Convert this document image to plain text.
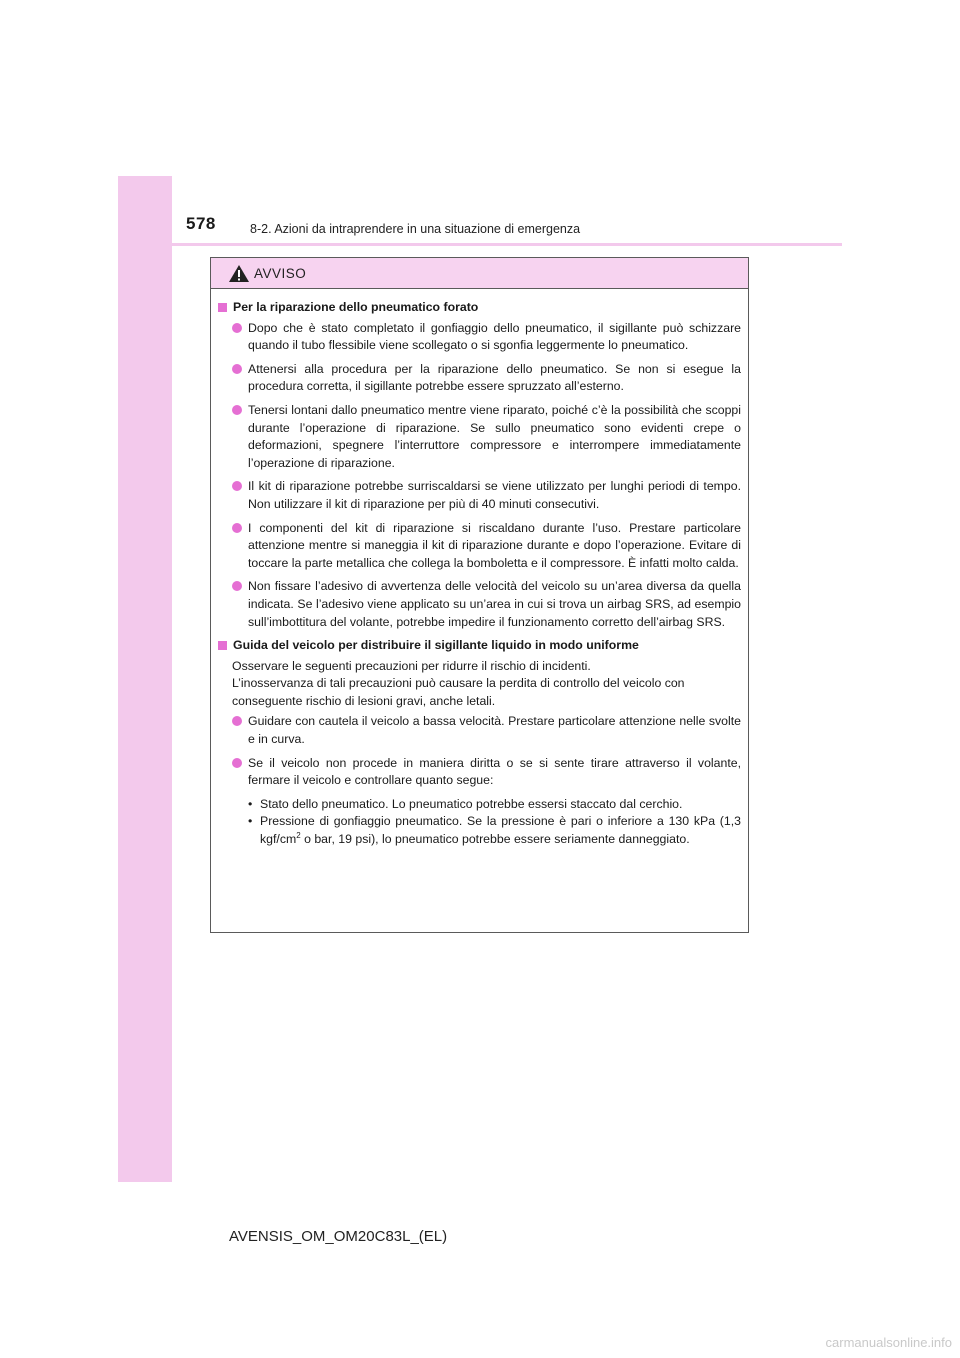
578	8-2. Azioni da intraprendere in una situazione di emergenza
AVVISO
Per la riparazione dello pneumatico forato
Dopo che è stato completato il gonfiaggio dello pneumatico, il sigillante può schizzare quando il tubo flessibile viene scollegato o si sgonfia leggermente lo pneumatico.
Attenersi alla procedura per la riparazione dello pneumatico. Se non si esegue la procedura corretta, il sigillante potrebbe essere spruzzato all’esterno.
Tenersi lontani dallo pneumatico mentre viene riparato, poiché c’è la possibilità che scoppi durante l’operazione di riparazione. Se sullo pneumatico sono evidenti crepe o deformazioni, spegnere l’interruttore compressore e interrompere immediatamente l’operazione di riparazione.
Il kit di riparazione potrebbe surriscaldarsi se viene utilizzato per lunghi periodi di tempo. Non utilizzare il kit di riparazione per più di 40 minuti consecutivi.
I componenti del kit di riparazione si riscaldano durante l’uso. Prestare particolare attenzione mentre si maneggia il kit di riparazione durante e dopo l’operazione. Evitare di toccare la parte metallica che collega la bomboletta e il compressore. È infatti molto calda.
Non fissare l’adesivo di avvertenza delle velocità del veicolo su un’area diversa da quella indicata. Se l’adesivo viene applicato su un’area in cui si trova un airbag SRS, ad esempio sull’imbottitura del volante, potrebbe impedire il funzionamento corretto dell’airbag SRS.
Guida del veicolo per distribuire il sigillante liquido in modo uniforme
Osservare le seguenti precauzioni per ridurre il rischio di incidenti.
L’inosservanza di tali precauzioni può causare la perdita di controllo del veicolo con conseguente rischio di lesioni gravi, anche letali.
Guidare con cautela il veicolo a bassa velocità. Prestare particolare attenzione nelle svolte e in curva.
Se il veicolo non procede in maniera diritta o se si sente tirare attraverso il volante, fermare il veicolo e controllare quanto segue:
• Stato dello pneumatico. Lo pneumatico potrebbe essersi staccato dal cerchio.
• Pressione di gonfiaggio pneumatico. Se la pressione è pari o inferiore a 130 kPa (1,3 kgf/$cm^2$ o bar, 19 psi), lo pneumatico potrebbe essere seriamente danneggiato.
AVENSIS_OM_OM20C83L_(EL)
carmanualsonline.info
